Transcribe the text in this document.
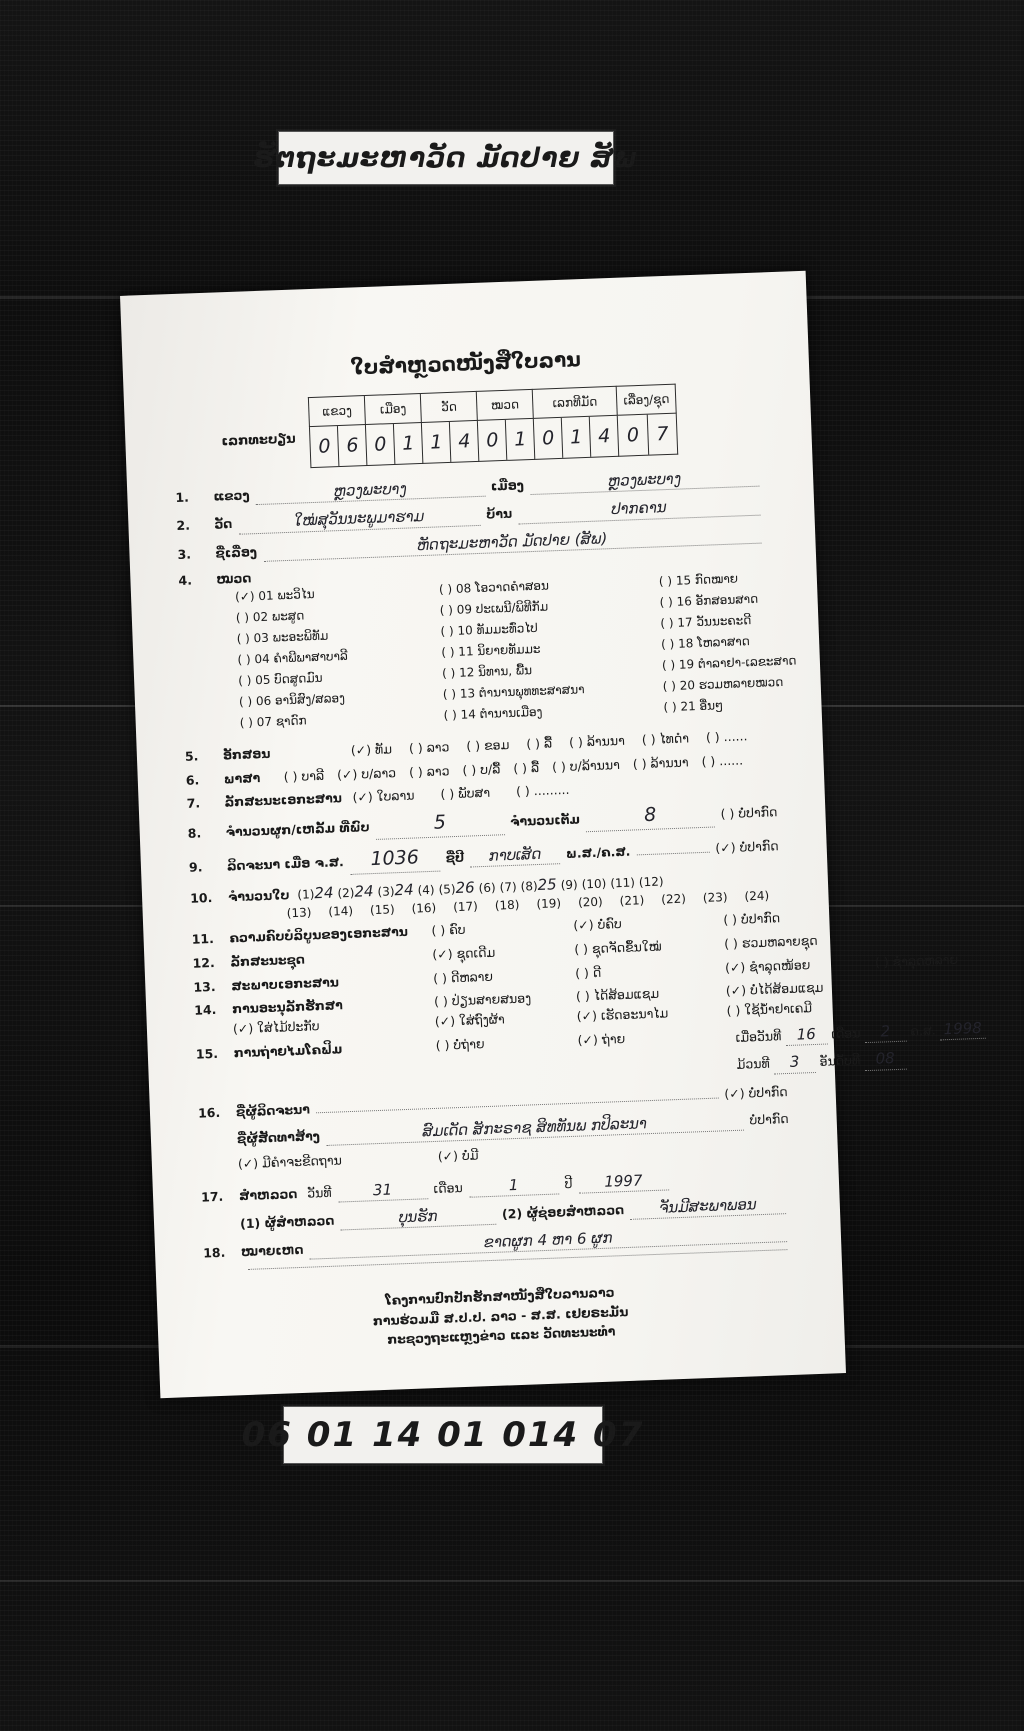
ຮັຕຖະມະຫາວັດ ມັດປາຍ ສັພ
ໃບສຳຫຼວດໜັງສືໃບລານ
ເລກທະບຽນ
ແຂວງ	ເມືອງ	ວັດ	ໝວດ	ເລກທີມັດ	ເລື່ອງ/ຊຸດ

0 6	0 1	1 4	0 1	0 1 4	0 7
1.	ແຂວງ	ຫຼວງພະບາງ	ເມືອງ	ຫຼວງພະບາງ
2.	ວັດ	ໃໝ່ສຸວັນນະພູມາຮາມ	ບ້ານ	ປາກຄານ
3.	ຊື່ເລື່ອງ	ຫັດຖະມະຫາວັດ ມັດປາຍ (ສັພ)
4.	ໝວດ
(✓) 01 ພະວິໄນ
( ) 02 ພະສູດ
( ) 03 ພະອະພິທັມ
( ) 04 ຄຳພີພາສາບາລີ
( ) 05 ບົດສູດມົນ
( ) 06 ອານິສົງ/ສລອງ
( ) 07 ຊາດົກ
( ) 08 ໂອວາດຄຳສອນ
( ) 09 ປະເພນີ/ພິທີກັມ
( ) 10 ທັມມະທົ່ວໄປ
( ) 11 ນິຍາຍທັມມະ
( ) 12 ນິທານ, ພື້ນ
( ) 13 ຕຳນານພຸທທະສາສນາ
( ) 14 ຕຳນານເມືອງ
( ) 15 ກົດໝາຍ
( ) 16 ອັກສອນສາດ
( ) 17 ວັນນະຄະດີ
( ) 18 ໂຫລາສາດ
( ) 19 ຕຳລາຢາ-ເລຂະສາດ
( ) 20 ຮວມຫລາຍໝວດ
( ) 21 ອື່ນໆ
5.	ອັກສອນ	(✓) ທັມ ( ) ລາວ ( ) ຂອມ ( ) ລື້ ( ) ລ້ານນາ ( ) ໄທດຳ ( ) ......
6.	ພາສາ	( ) ບາລີ (✓) ບ/ລາວ ( ) ລາວ ( ) ບ/ລື້ ( ) ລື້ ( ) ບ/ລ້ານນາ ( ) ລ້ານນາ ( ) ......
7.	ລັກສະນະເອກະສານ (✓) ໃບລານ ( ) ພັບສາ ( ) .........
8.	ຈຳນວນຜູກ/ເຫລັ້ມ ທີ່ພົບ	5	ຈຳນວນເຕັມ	8	( ) ບໍ່ປາກົດ
9.	ລິດຈະນາ ເມື່ອ ຈ.ສ.	1036	ຊື່ປີ	ກາບເສັດ	ພ.ສ./ຄ.ສ.	(✓) ບໍ່ປາກົດ
10.	ຈຳນວນໃບ (1)24 (2)24 (3)24 (4) (5)26 (6) (7) (8)25 (9) (10) (11) (12)
(13) (14) (15) (16) (17) (18) (19) (20) (21) (22) (23) (24)
11.	ຄວາມຄົບບໍລິບູນຂອງເອກະສານ	( ) ຄົບ	(✓) ບໍ່ຄົບ	( ) ບໍ່ປາກົດ
12.	ລັກສະນະຊຸດ	(✓) ຊຸດເດີມ	( ) ຊຸດຈັດຂຶ້ນໃໝ່	( ) ຮວມຫລາຍຊຸດ
13.	ສະພາບເອກະສານ	( ) ດີຫລາຍ	( ) ດີ	(✓) ຊຳລຸດໜ້ອຍ	( ) ຊຳລຸດຫລາຍ
14.	ການອະນຸລັກຮັກສາ	( ) ປ່ຽນສາຍສນອງ	( ) ໄດ້ສ້ອມແຊມ	(✓) ບໍ່ໄດ້ສ້ອມແຊມ
(✓) ໃສ່ໄມ້ປະກັບ	(✓) ໃສ່ຖົງຜ້າ	(✓) ເຮັດອະນາໄມ	( ) ໃຊ້ນ້ຳຢາເຄມີ
15.	ການຖ່າຍໄມໂຄຟິມ	( ) ບໍ່ຖ່າຍ	(✓) ຖ່າຍ	ເມື່ອວັນທີ 16 ເດືອນ 2 ຄ.ສ. 1998
ມ້ວນທີ 3 ອັນດັບທີ 08
16.	ຊື່ຜູ້ລິດຈະນາ
(✓) ບໍ່ປາກົດ
ຊື່ຜູ້ສັດທາສ້າງ	ສົມເດັດ ສັກະຣາຊ ສິທທັນພ ກປິລະນາ	ບໍ່ປາກົດ
(✓) ມີຄຳຈະຂີດຖານ	(✓) ບໍ່ມີ
17.	ສຳຫລວດ ວັນທີ	31	ເດືອນ	1	ປີ	1997
(1) ຜູ້ສຳຫລວດ	ບຸນຮັກ	(2) ຜູ້ຊ່ອຍສຳຫລວດ	ຈັນມີສະພາພອນ
18.	ໝາຍເຫດ	ຂາດຜູກ 4 ຫາ 6 ຜູກ
ໂຄງການປົກປັກຮັກສາໜັງສືໃບລານລາວ
ການຮ່ວມມື ສ.ປ.ປ. ລາວ - ສ.ສ. ເຢຍຣະມັນ
ກະຊວງຖະແຫຼງຂ່າວ ແລະ ວັດທະນະທຳ
06 01 14 01 014 07
